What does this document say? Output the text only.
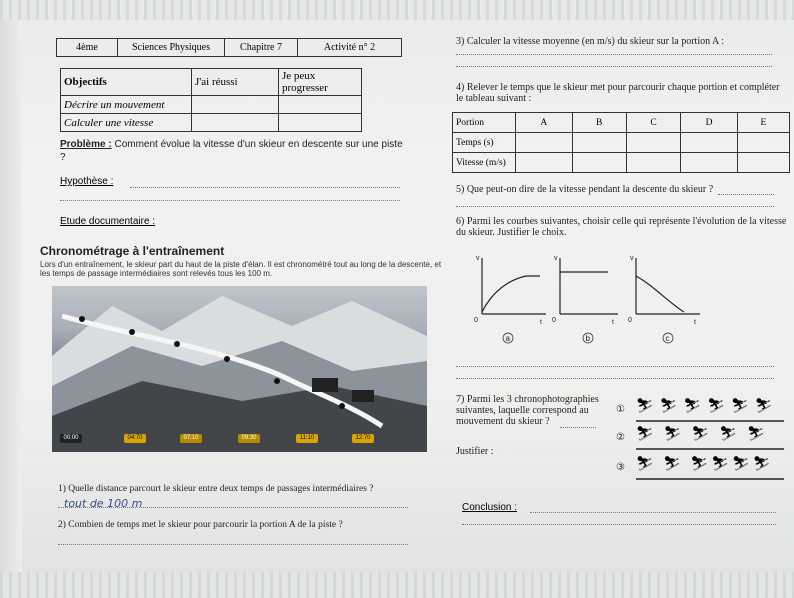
4ème	Sciences Physiques	Chapitre 7	Activité n° 2
Objectifs	J'ai réussi	Je peux progresser
Décrire un mouvement		
Calculer une vitesse		
Problème : Comment évolue la vitesse d'un skieur en descente sur une piste ?
Hypothèse :
Etude documentaire :
Chronométrage à l'entraînement
Lors d'un entraînement, le skieur part du haut de la piste d'élan. Il est chronométré tout au long de la descente, et les temps de passage intermédiaires sont relevés tous les 100 m.
00:00	04:70	07:10	09:30	11:10	12:70
1) Quelle distance parcourt le skieur entre deux temps de passages intermédiaires ?
tout de 100 m
2) Combien de temps met le skieur pour parcourir la portion A de la piste ?
3) Calculer la vitesse moyenne (en m/s) du skieur sur la portion A :
4) Relever le temps que le skieur met pour parcourir chaque portion et compléter le tableau suivant :
Portion	A	B	C	D	E
Temps (s)					
Vitesse (m/s)					
5) Que peut-on dire de la vitesse pendant la descente du skieur ?
6) Parmi les courbes suivantes, choisir celle qui représente l'évolution de la vitesse du skieur. Justifier le choix.
v	v	v
t	t	t
0	0	0
a	b	c
7) Parmi les 3 chronophotographies
suivantes, laquelle correspond au
mouvement du skieur ?
Justifier :
① ⛷⛷⛷⛷⛷⛷
② ⛷⛷⛷⛷⛷
③ ⛷ ⛷ ⛷⛷⛷⛷
Conclusion :
